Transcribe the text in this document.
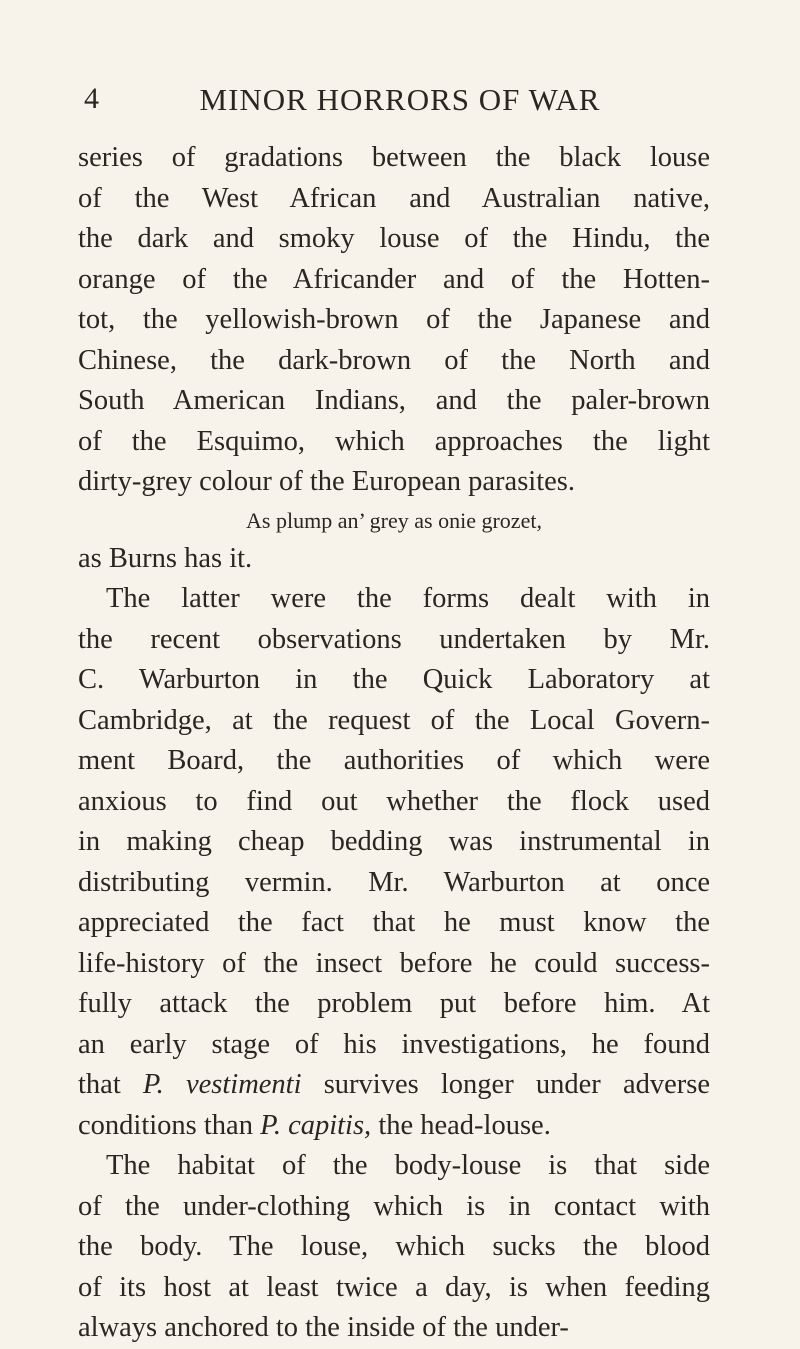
4	MINOR HORRORS OF WAR
series of gradations between the black louse
of the West African and Australian native,
the dark and smoky louse of the Hindu, the
orange of the Africander and of the Hotten-
tot, the yellowish-brown of the Japanese and
Chinese, the dark-brown of the North and
South American Indians, and the paler-brown
of the Esquimo, which approaches the light
dirty-grey colour of the European parasites.
As plump an’ grey as onie grozet,
as Burns has it.
The latter were the forms dealt with in
the recent observations undertaken by Mr.
C. Warburton in the Quick Laboratory at
Cambridge, at the request of the Local Govern-
ment Board, the authorities of which were
anxious to find out whether the flock used
in making cheap bedding was instrumental in
distributing vermin. Mr. Warburton at once
appreciated the fact that he must know the
life-history of the insect before he could success-
fully attack the problem put before him. At
an early stage of his investigations, he found
that P. vestimenti survives longer under adverse
conditions than P. capitis, the head-louse.
The habitat of the body-louse is that side
of the under-clothing which is in contact with
the body. The louse, which sucks the blood
of its host at least twice a day, is when feeding
always anchored to the inside of the under-
